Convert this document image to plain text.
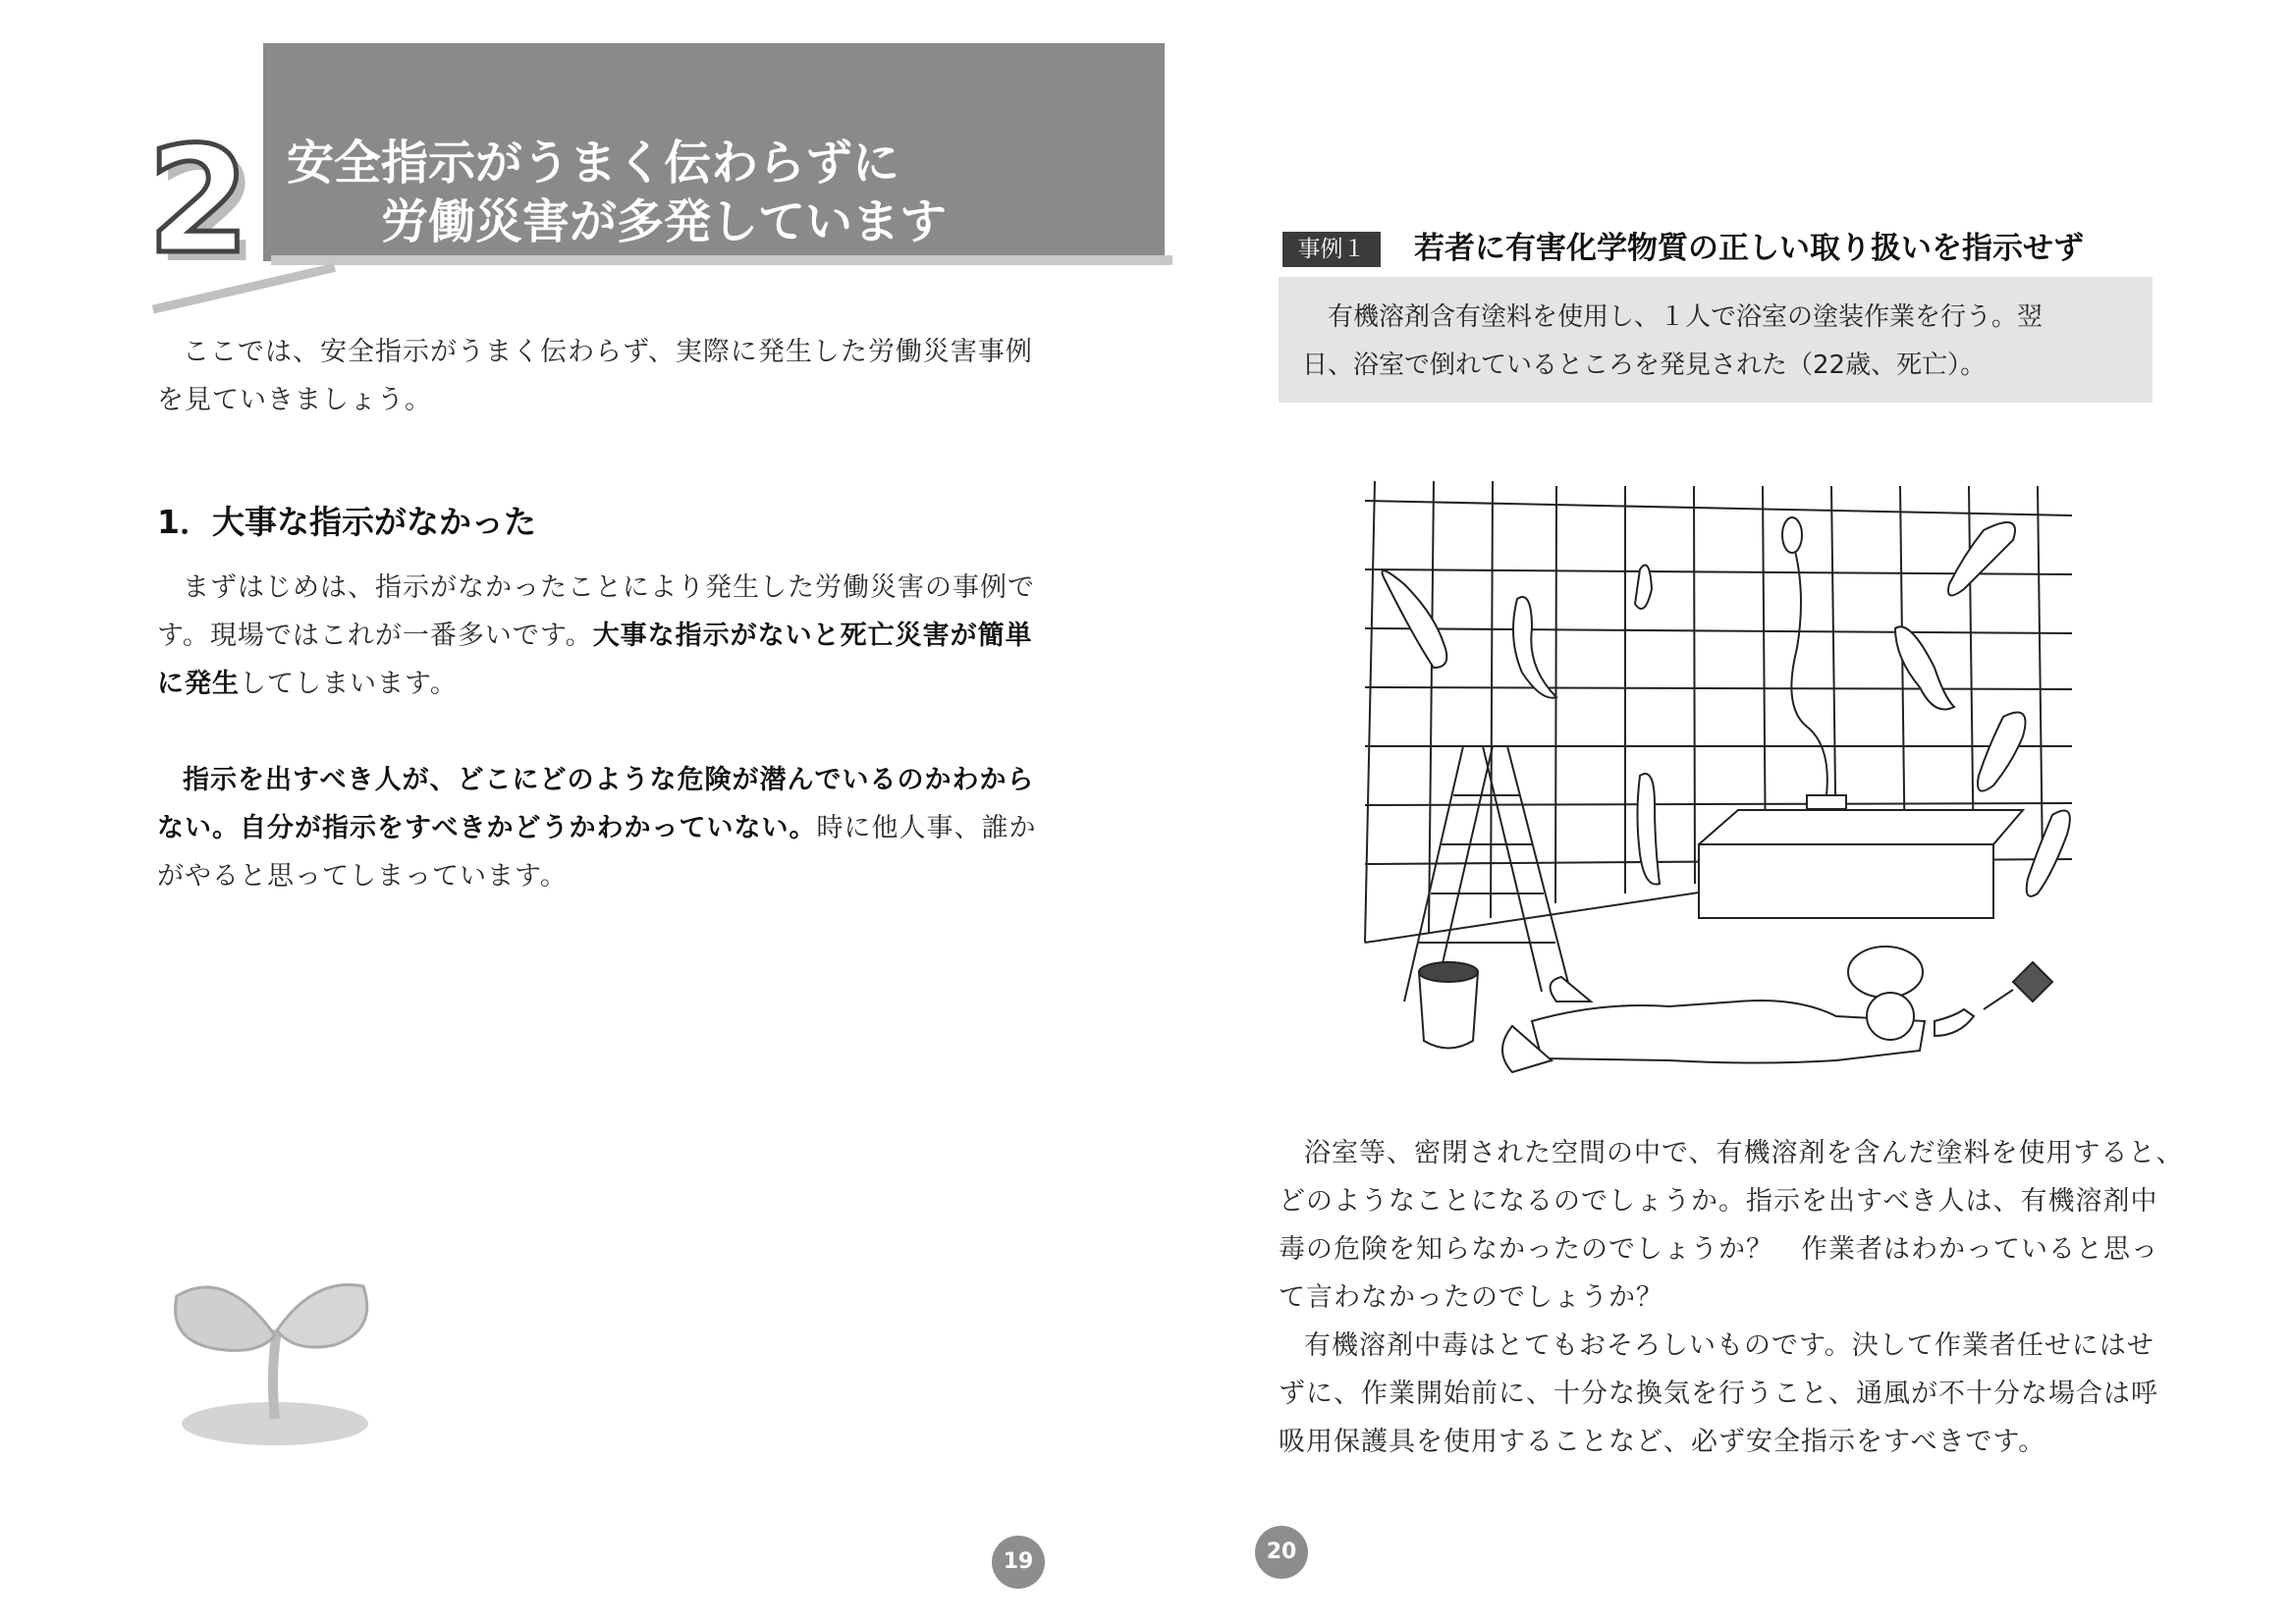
2 安全指示がうまく伝わらずに
労働災害が多発しています
ここでは、安全指示がうまく伝わらず、実際に発生した労働災害事例
を見ていきましょう。
1．大事な指示がなかった
まずはじめは、指示がなかったことにより発生した労働災害の事例で
す。現場ではこれが一番多いです。大事な指示がないと死亡災害が簡単
に発生してしまいます。
指示を出すべき人が、どこにどのような危険が潜んでいるのかわから
ない。自分が指示をすべきかどうかわかっていない。時に他人事、誰か
がやると思ってしまっています。
19
事例１	若者に有害化学物質の正しい取り扱いを指示せず
有機溶剤含有塗料を使用し、１人で浴室の塗装作業を行う。翌
日、浴室で倒れているところを発見された（22歳、死亡）。
浴室等、密閉された空間の中で、有機溶剤を含んだ塗料を使用すると、
どのようなことになるのでしょうか。指示を出すべき人は、有機溶剤中
毒の危険を知らなかったのでしょうか？　作業者はわかっていると思っ
て言わなかったのでしょうか？
有機溶剤中毒はとてもおそろしいものです。決して作業者任せにはせ
ずに、作業開始前に、十分な換気を行うこと、通風が不十分な場合は呼
吸用保護具を使用することなど、必ず安全指示をすべきです。
20
